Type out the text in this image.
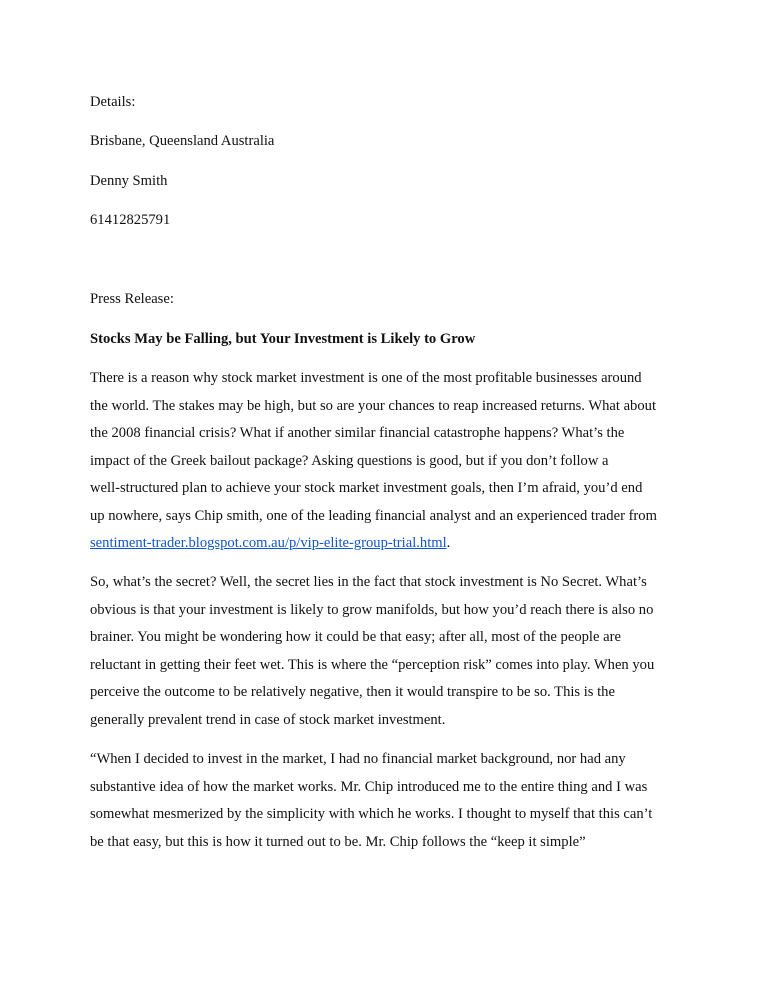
Details:
Brisbane, Queensland Australia
Denny Smith
61412825791
Press Release:
Stocks May be Falling, but Your Investment is Likely to Grow
There is a reason why stock market investment is one of the most profitable businesses around
the world. The stakes may be high, but so are your chances to reap increased returns. What about
the 2008 financial crisis? What if another similar financial catastrophe happens? What’s the
impact of the Greek bailout package? Asking questions is good, but if you don’t follow a
well-structured plan to achieve your stock market investment goals, then I’m afraid, you’d end
up nowhere, says Chip smith, one of the leading financial analyst and an experienced trader from
sentiment-trader.blogspot.com.au/p/vip-elite-group-trial.html.
So, what’s the secret? Well, the secret lies in the fact that stock investment is No Secret. What’s
obvious is that your investment is likely to grow manifolds, but how you’d reach there is also no
brainer. You might be wondering how it could be that easy; after all, most of the people are
reluctant in getting their feet wet. This is where the “perception risk” comes into play. When you
perceive the outcome to be relatively negative, then it would transpire to be so. This is the
generally prevalent trend in case of stock market investment.
“When I decided to invest in the market, I had no financial market background, nor had any
substantive idea of how the market works. Mr. Chip introduced me to the entire thing and I was
somewhat mesmerized by the simplicity with which he works. I thought to myself that this can’t
be that easy, but this is how it turned out to be. Mr. Chip follows the “keep it simple”
